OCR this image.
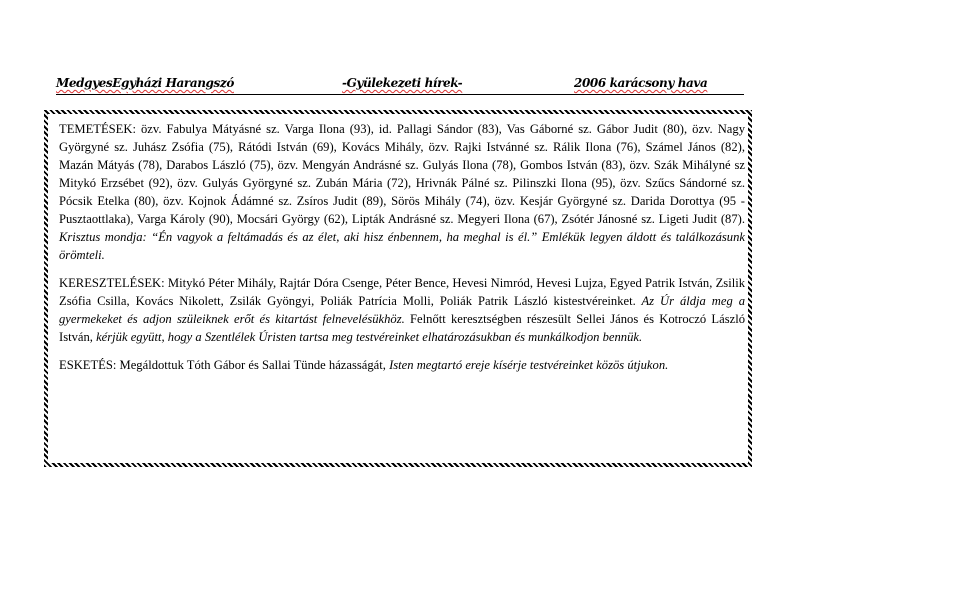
MedgyesEgyházi Harangszó	-Gyülekezeti hírek-	2006 karácsony hava

TEMETÉSEK: özv. Fabulya Mátyásné sz. Varga Ilona (93), id. Pallagi Sándor (83), Vas Gáborné sz. Gábor Judit (80), özv. Nagy Györgyné sz. Juhász Zsófia (75), Rátódi István (69), Kovács Mihály, özv. Rajki Istvánné sz. Rálik Ilona (76), Számel János (82), Mazán Mátyás (78), Darabos László (75), özv. Mengyán Andrásné sz. Gulyás Ilona (78), Gombos István (83), özv. Szák Mihályné sz Mitykó Erzsébet (92), özv. Gulyás Györgyné sz. Zubán Mária (72), Hrivnák Pálné sz. Pilinszki Ilona (95), özv. Szűcs Sándorné sz. Pócsik Etelka (80), özv. Kojnok Ádámné sz. Zsíros Judit (89), Sörös Mihály (74), özv. Kesjár Györgyné sz. Darida Dorottya (95 - Pusztaottlaka), Varga Károly (90), Mocsári György (62), Lipták Andrásné sz. Megyeri Ilona (67), Zsótér Jánosné sz. Ligeti Judit (87). Krisztus mondja: “Én vagyok a feltámadás és az élet, aki hisz énbennem, ha meghal is él.” Emlékük legyen áldott és találkozásunk örömteli.

KERESZTELÉSEK: Mitykó Péter Mihály, Rajtár Dóra Csenge, Péter Bence, Hevesi Nimród, Hevesi Lujza, Egyed Patrik István, Zsilik Zsófia Csilla, Kovács Nikolett, Zsilák Gyöngyi, Poliák Patrícia Molli, Poliák Patrik László kistestvéreinket. Az Úr áldja meg a gyermekeket és adjon szüleiknek erőt és kitartást felnevelésükhöz. Felnőtt keresztségben részesült Sellei János és Kotroczó László István, kérjük együtt, hogy a Szentlélek Úristen tartsa meg testvéreinket elhatározásukban és munkálkodjon bennük.

ESKETÉS: Megáldottuk Tóth Gábor és Sallai Tünde házasságát, Isten megtartó ereje kísérje testvéreinket közös útjukon.
